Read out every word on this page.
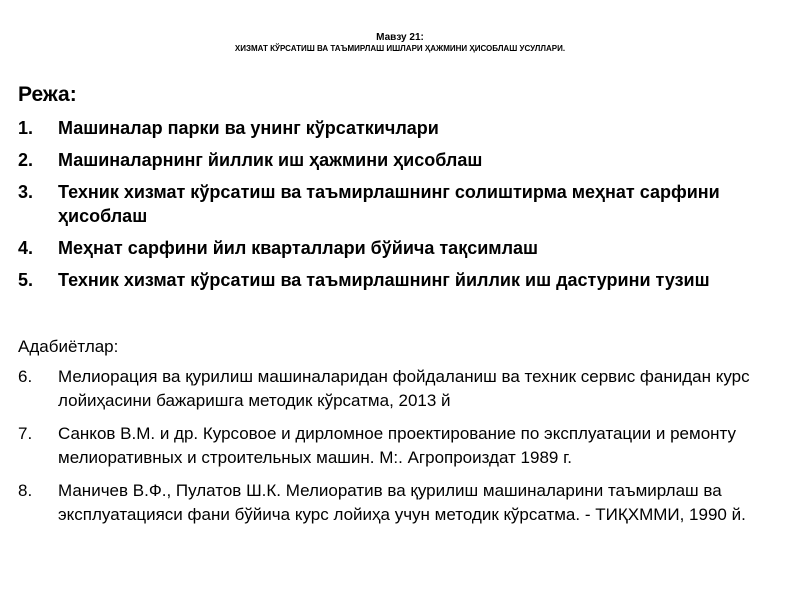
Мавзу 21:
ХИЗМАТ КЎРСАТИШ ВА ТАЪМИРЛАШ ИШЛАРИ ҲАЖМИНИ ҲИСОБЛАШ УСУЛЛАРИ.
Режа:
1.	Машиналар парки ва унинг кўрсаткичлари
2.	Машиналарнинг йиллик иш ҳажмини ҳисоблаш
3.	Техник хизмат кўрсатиш ва таъмирлашнинг солиштирма меҳнат сарфини ҳисоблаш
4.	Меҳнат сарфини йил кварталлари бўйича тақсимлаш
5.	Техник хизмат кўрсатиш ва таъмирлашнинг йиллик иш дастурини тузиш
Адабиётлар:
6.	Мелиорация ва қурилиш машиналаридан фойдаланиш ва техник сервис фанидан курс лойиҳасини бажаришга методик кўрсатма, 2013 й
7.	Санков В.М. и др. Курсовое и дирломное проектирование по эксплуатации и ремонту мелиоративных и строительных машин. М:. Агропроиздат 1989 г.
8.	Маничев В.Ф., Пулатов Ш.К. Мелиоратив ва қурилиш машиналарини таъмирлаш ва эксплуатацияси фани бўйича курс лойиҳа учун методик кўрсатма. - ТИҚХММИ, 1990 й.
